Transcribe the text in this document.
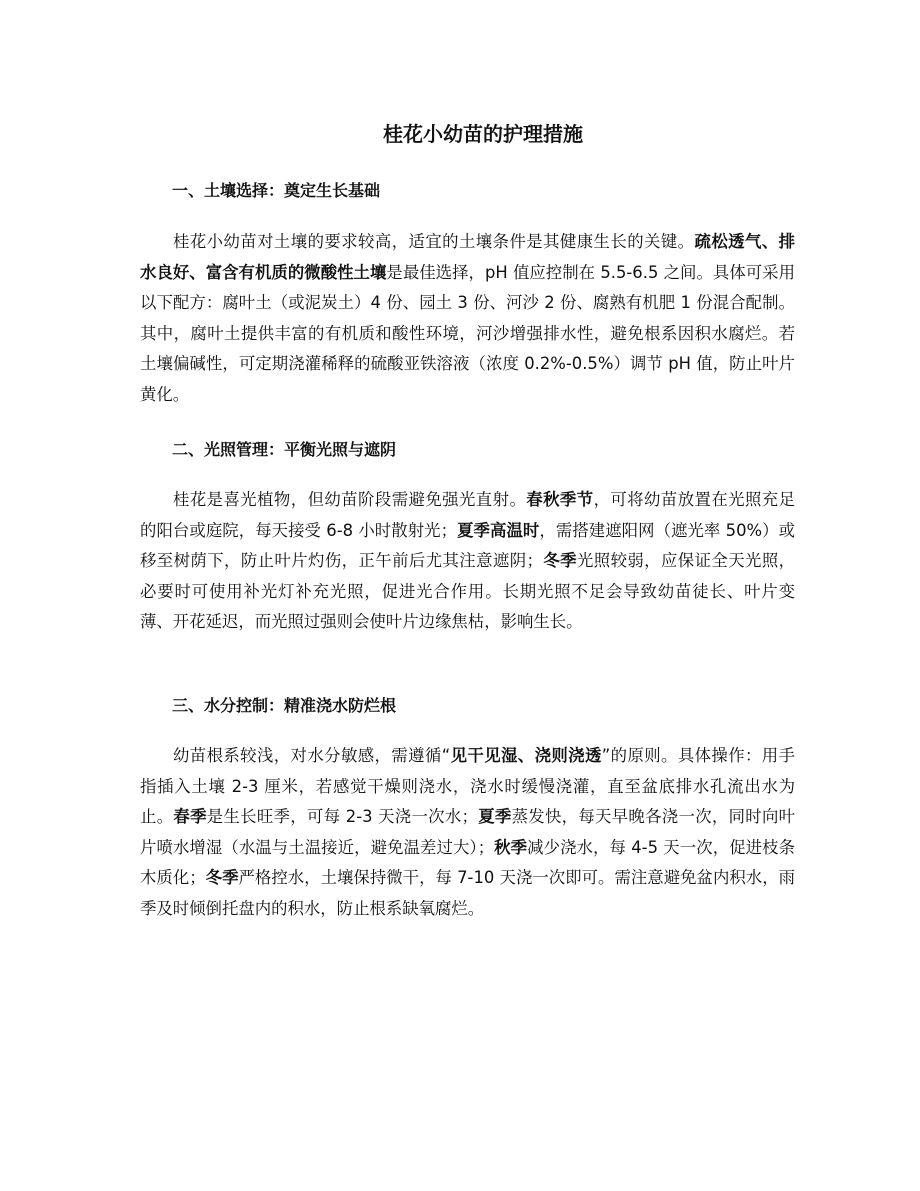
桂花小幼苗的护理措施
一、土壤选择：奠定生长基础

桂花小幼苗对土壤的要求较高，适宜的土壤条件是其健康生长的关键。疏松透气、排水良好、富含有机质的微酸性土壤是最佳选择，pH 值应控制在 5.5-6.5 之间。具体可采用以下配方：腐叶土（或泥炭土）4 份、园土 3 份、河沙 2 份、腐熟有机肥 1 份混合配制。其中，腐叶土提供丰富的有机质和酸性环境，河沙增强排水性，避免根系因积水腐烂。若土壤偏碱性，可定期浇灌稀释的硫酸亚铁溶液（浓度 0.2%-0.5%）调节 pH 值，防止叶片黄化。

二、光照管理：平衡光照与遮阴

桂花是喜光植物，但幼苗阶段需避免强光直射。春秋季节，可将幼苗放置在光照充足的阳台或庭院，每天接受 6-8 小时散射光；夏季高温时，需搭建遮阳网（遮光率 50%）或移至树荫下，防止叶片灼伤，正午前后尤其注意遮阴；冬季光照较弱，应保证全天光照，必要时可使用补光灯补充光照，促进光合作用。长期光照不足会导致幼苗徒长、叶片变薄、开花延迟，而光照过强则会使叶片边缘焦枯，影响生长。

三、水分控制：精准浇水防烂根

幼苗根系较浅，对水分敏感，需遵循“见干见湿、浇则浇透”的原则。具体操作：用手指插入土壤 2-3 厘米，若感觉干燥则浇水，浇水时缓慢浇灌，直至盆底排水孔流出水为止。春季是生长旺季，可每 2-3 天浇一次水；夏季蒸发快，每天早晚各浇一次，同时向叶片喷水增湿（水温与土温接近，避免温差过大）；秋季减少浇水，每 4-5 天一次，促进枝条木质化；冬季严格控水，土壤保持微干，每 7-10 天浇一次即可。需注意避免盆内积水，雨季及时倾倒托盘内的积水，防止根系缺氧腐烂。
